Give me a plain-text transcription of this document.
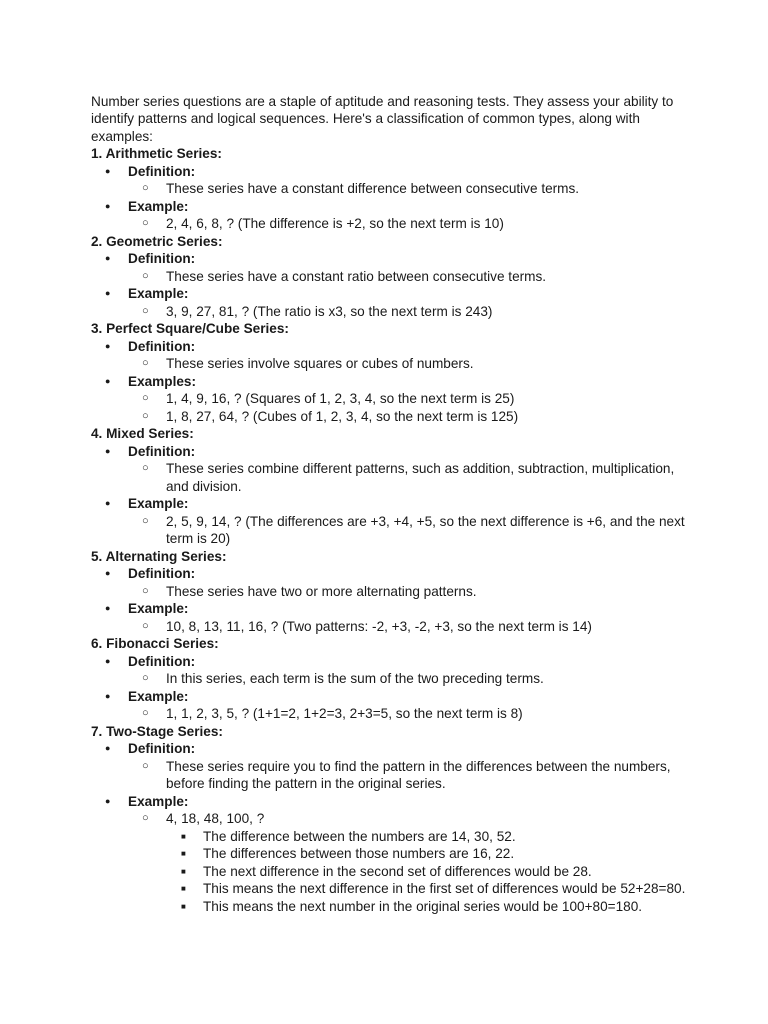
Number series questions are a staple of aptitude and reasoning tests. They assess your ability to identify patterns and logical sequences. Here's a classification of common types, along with examples:
1. Arithmetic Series:
● Definition:
○ These series have a constant difference between consecutive terms.
● Example:
○ 2, 4, 6, 8, ? (The difference is +2, so the next term is 10)
2. Geometric Series:
● Definition:
○ These series have a constant ratio between consecutive terms.
● Example:
○ 3, 9, 27, 81, ? (The ratio is x3, so the next term is 243)
3. Perfect Square/Cube Series:
● Definition:
○ These series involve squares or cubes of numbers.
● Examples:
○ 1, 4, 9, 16, ? (Squares of 1, 2, 3, 4, so the next term is 25)
○ 1, 8, 27, 64, ? (Cubes of 1, 2, 3, 4, so the next term is 125)
4. Mixed Series:
● Definition:
○ These series combine different patterns, such as addition, subtraction, multiplication, and division.
● Example:
○ 2, 5, 9, 14, ? (The differences are +3, +4, +5, so the next difference is +6, and the next term is 20)
5. Alternating Series:
● Definition:
○ These series have two or more alternating patterns.
● Example:
○ 10, 8, 13, 11, 16, ? (Two patterns: -2, +3, -2, +3, so the next term is 14)
6. Fibonacci Series:
● Definition:
○ In this series, each term is the sum of the two preceding terms.
● Example:
○ 1, 1, 2, 3, 5, ? (1+1=2, 1+2=3, 2+3=5, so the next term is 8)
7. Two-Stage Series:
● Definition:
○ These series require you to find the pattern in the differences between the numbers, before finding the pattern in the original series.
● Example:
○ 4, 18, 48, 100, ?
■ The difference between the numbers are 14, 30, 52.
■ The differences between those numbers are 16, 22.
■ The next difference in the second set of differences would be 28.
■ This means the next difference in the first set of differences would be 52+28=80.
■ This means the next number in the original series would be 100+80=180.
